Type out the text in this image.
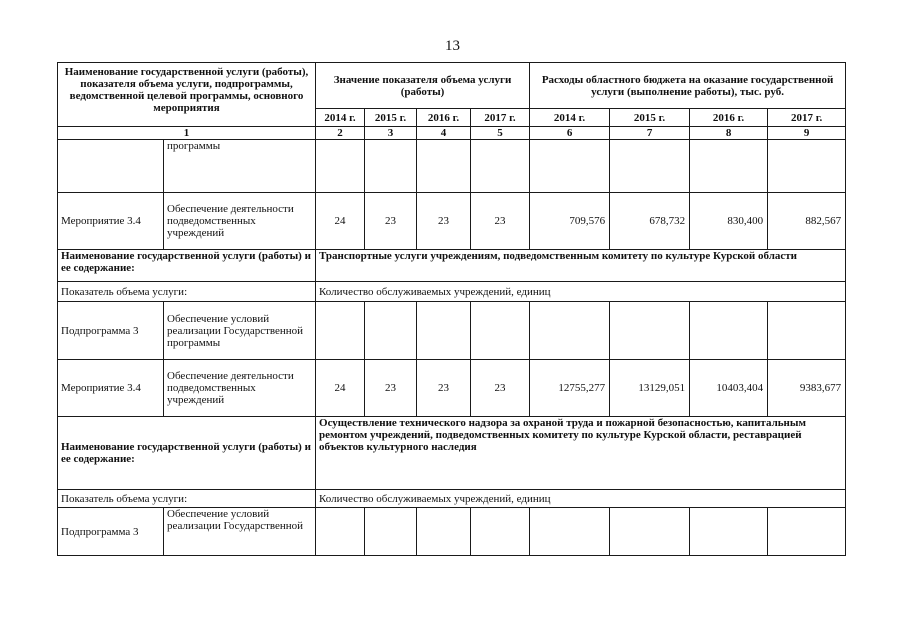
13
Наименование государственной услуги (работы), показателя объема услуги, подпрограммы, ведомственной целевой программы, основного мероприятия		Значение показателя объема услуги (работы)				Расходы областного бюджета на оказание государственной услуги (выполнение работы), тыс. руб.			
		2014 г.	2015 г.	2016 г.	2017 г.	2014 г.	2015 г.	2016 г.	2017 г.
1		2	3	4	5	6	7	8	9
	программы								
Мероприятие 3.4	Обеспечение деятельности подведомственных учреждений	24	23	23	23	709,576	678,732	830,400	882,567
Наименование государственной услуги (работы) и ее содержание:		Транспортные услуги учреждениям, подведомственным комитету по культуре Курской области							
Показатель объема услуги:		Количество обслуживаемых учреждений, единиц							
Подпрограмма 3	Обеспечение условий реализации Государственной программы								
Мероприятие 3.4	Обеспечение деятельности подведомственных учреждений	24	23	23	23	12755,277	13129,051	10403,404	9383,677
Наименование государственной услуги (работы) и ее содержание:		Осуществление технического надзора за охраной труда и пожарной безопасностью, капитальным ремонтом учреждений, подведомственных комитету по культуре Курской области, реставрацией объектов культурного наследия							
Показатель объема услуги:		Количество обслуживаемых учреждений, единиц							
Подпрограмма 3	Обеспечение условий реализации Государственной								
